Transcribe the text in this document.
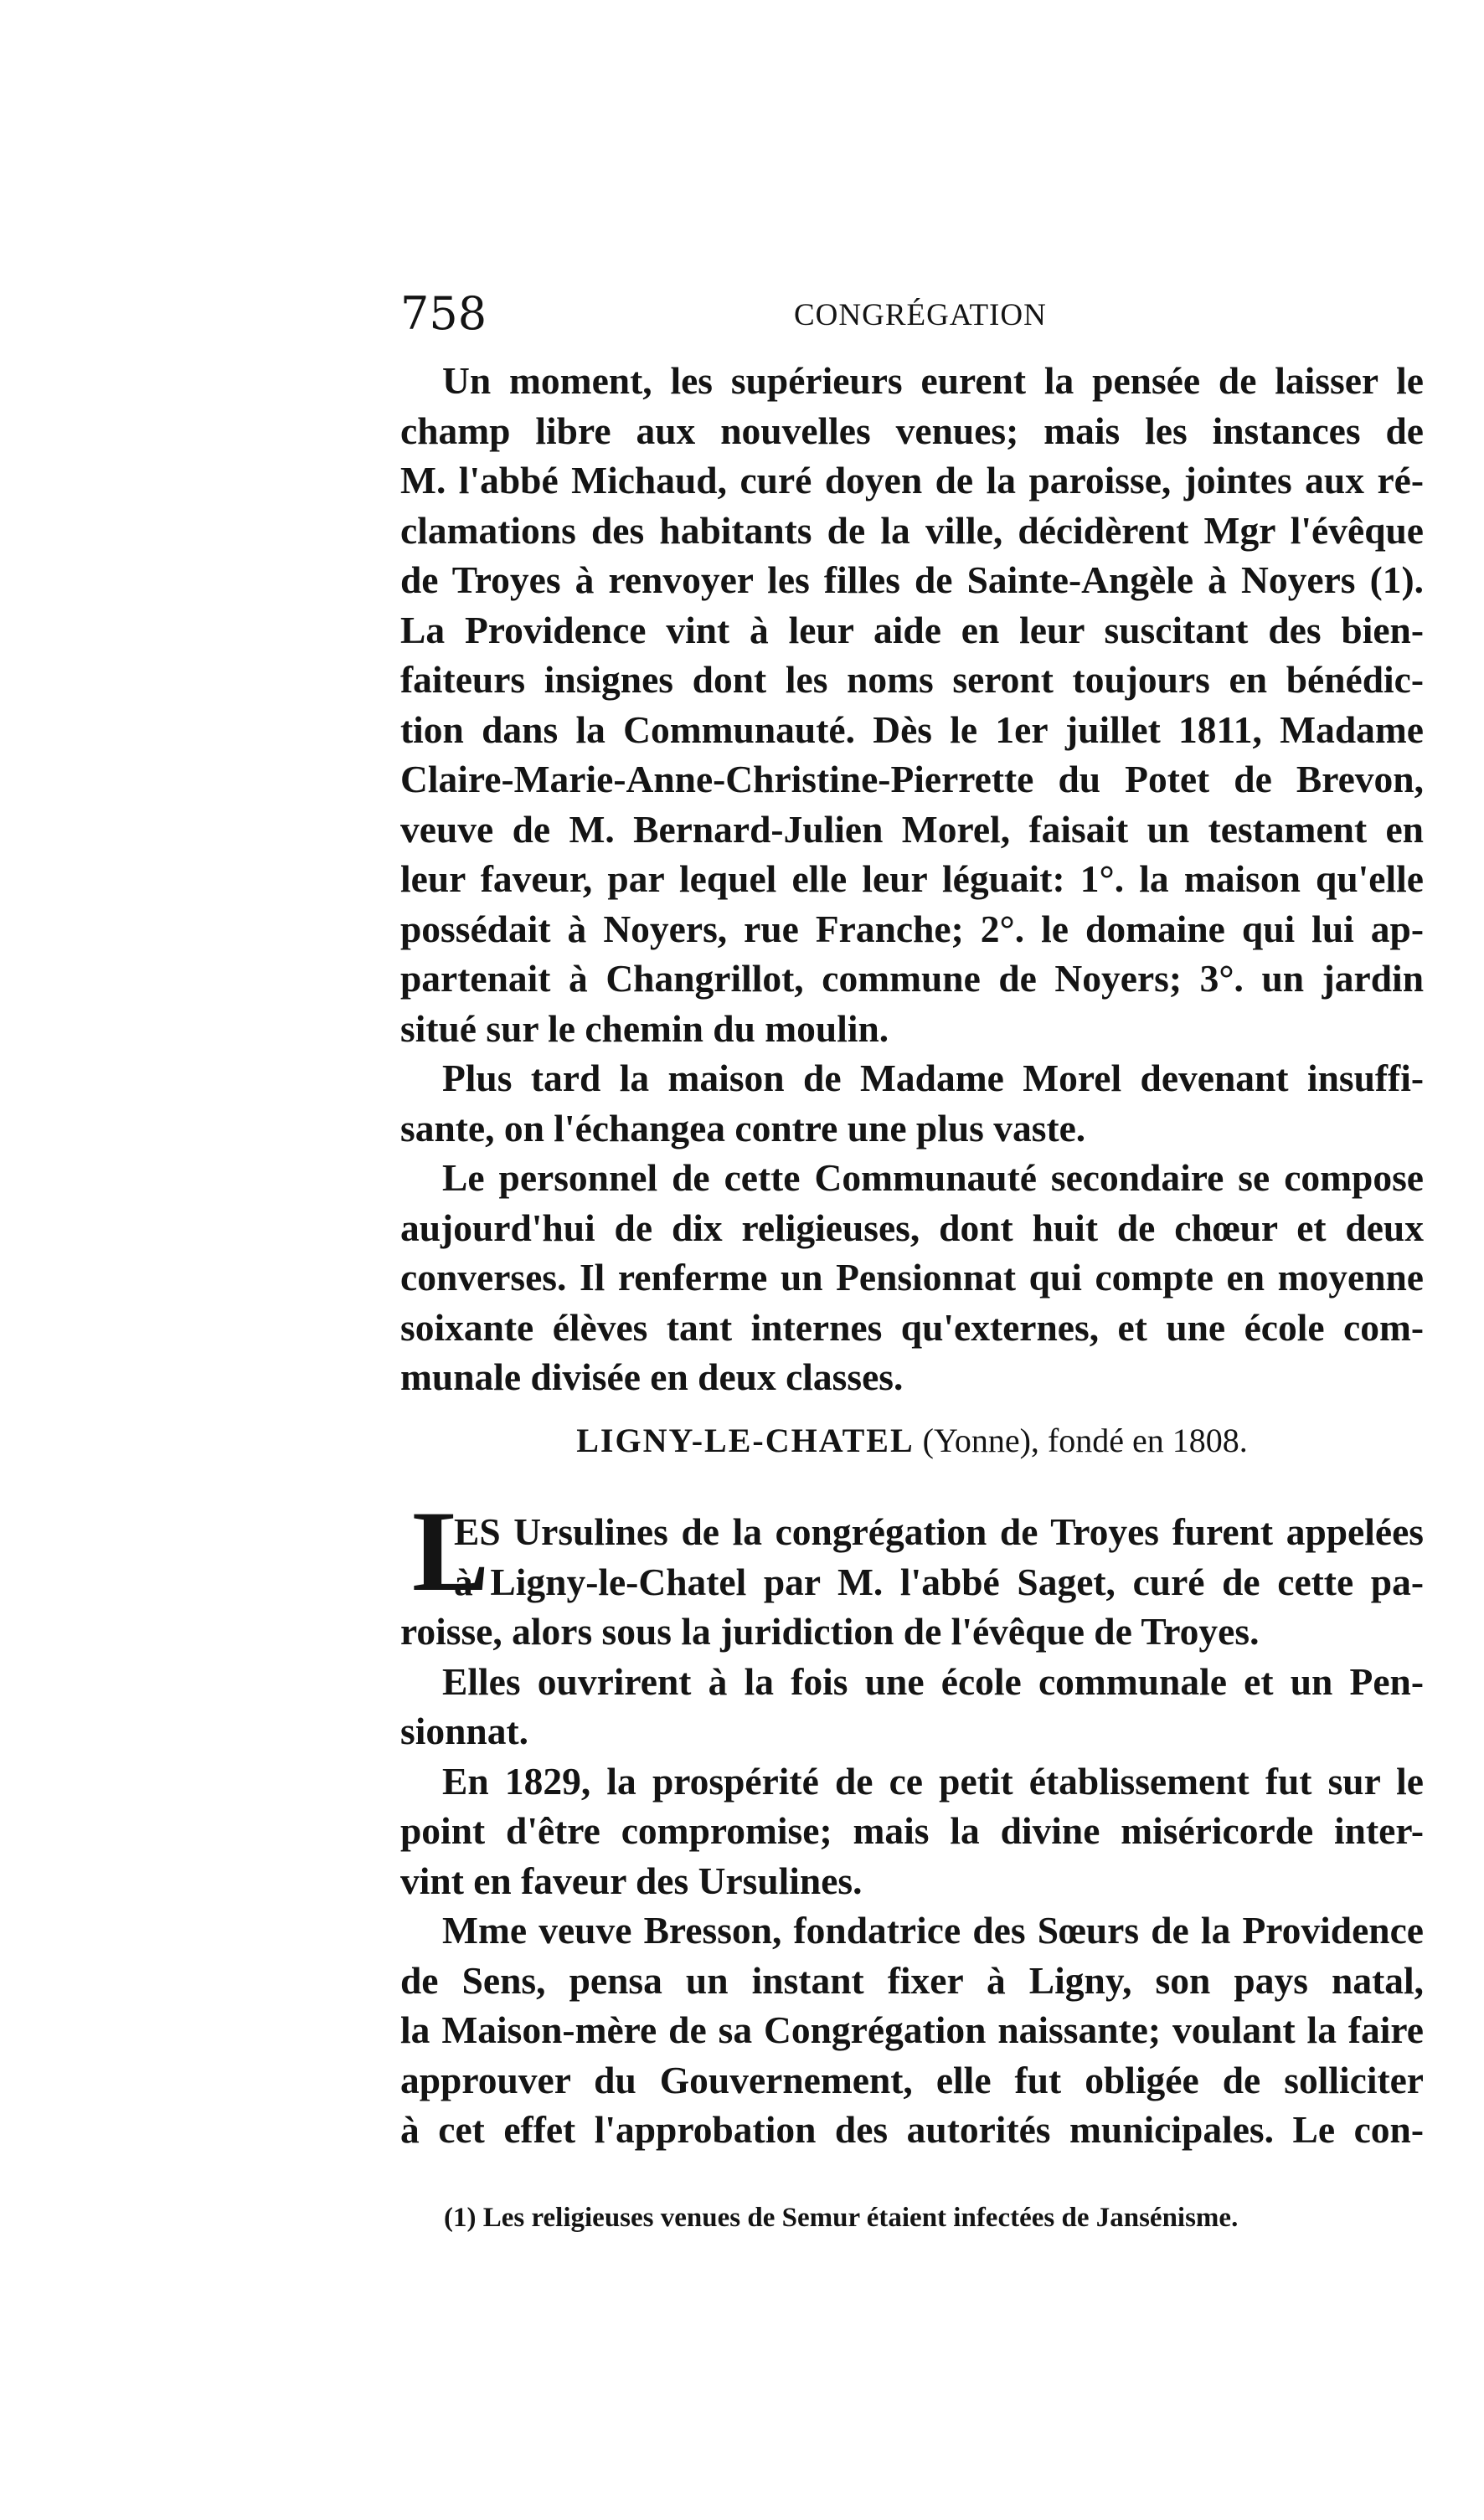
758	CONGRÉGATION
Un moment, les supérieurs eurent la pensée de laisser le
champ libre aux nouvelles venues; mais les instances de
M. l'abbé Michaud, curé doyen de la paroisse, jointes aux ré-
clamations des habitants de la ville, décidèrent Mgr l'évêque
de Troyes à renvoyer les filles de Sainte-Angèle à Noyers (1).
La Providence vint à leur aide en leur suscitant des bien-
faiteurs insignes dont les noms seront toujours en bénédic-
tion dans la Communauté. Dès le 1er juillet 1811, Madame
Claire-Marie-Anne-Christine-Pierrette du Potet de Brevon,
veuve de M. Bernard-Julien Morel, faisait un testament en
leur faveur, par lequel elle leur léguait: 1°. la maison qu'elle
possédait à Noyers, rue Franche; 2°. le domaine qui lui ap-
partenait à Changrillot, commune de Noyers; 3°. un jardin
situé sur le chemin du moulin.
Plus tard la maison de Madame Morel devenant insuffi-
sante, on l'échangea contre une plus vaste.
Le personnel de cette Communauté secondaire se compose
aujourd'hui de dix religieuses, dont huit de chœur et deux
converses. Il renferme un Pensionnat qui compte en moyenne
soixante élèves tant internes qu'externes, et une école com-
munale divisée en deux classes.
LIGNY-LE-CHATEL (Yonne), fondé en 1808.
L
ES Ursulines de la congrégation de Troyes furent appelées
à Ligny-le-Chatel par M. l'abbé Saget, curé de cette pa-
roisse, alors sous la juridiction de l'évêque de Troyes.
Elles ouvrirent à la fois une école communale et un Pen-
sionnat.
En 1829, la prospérité de ce petit établissement fut sur le
point d'être compromise; mais la divine miséricorde inter-
vint en faveur des Ursulines.
Mme veuve Bresson, fondatrice des Sœurs de la Providence
de Sens, pensa un instant fixer à Ligny, son pays natal,
la Maison-mère de sa Congrégation naissante; voulant la faire
approuver du Gouvernement, elle fut obligée de solliciter
à cet effet l'approbation des autorités municipales. Le con-
(1) Les religieuses venues de Semur étaient infectées de Jansénisme.
